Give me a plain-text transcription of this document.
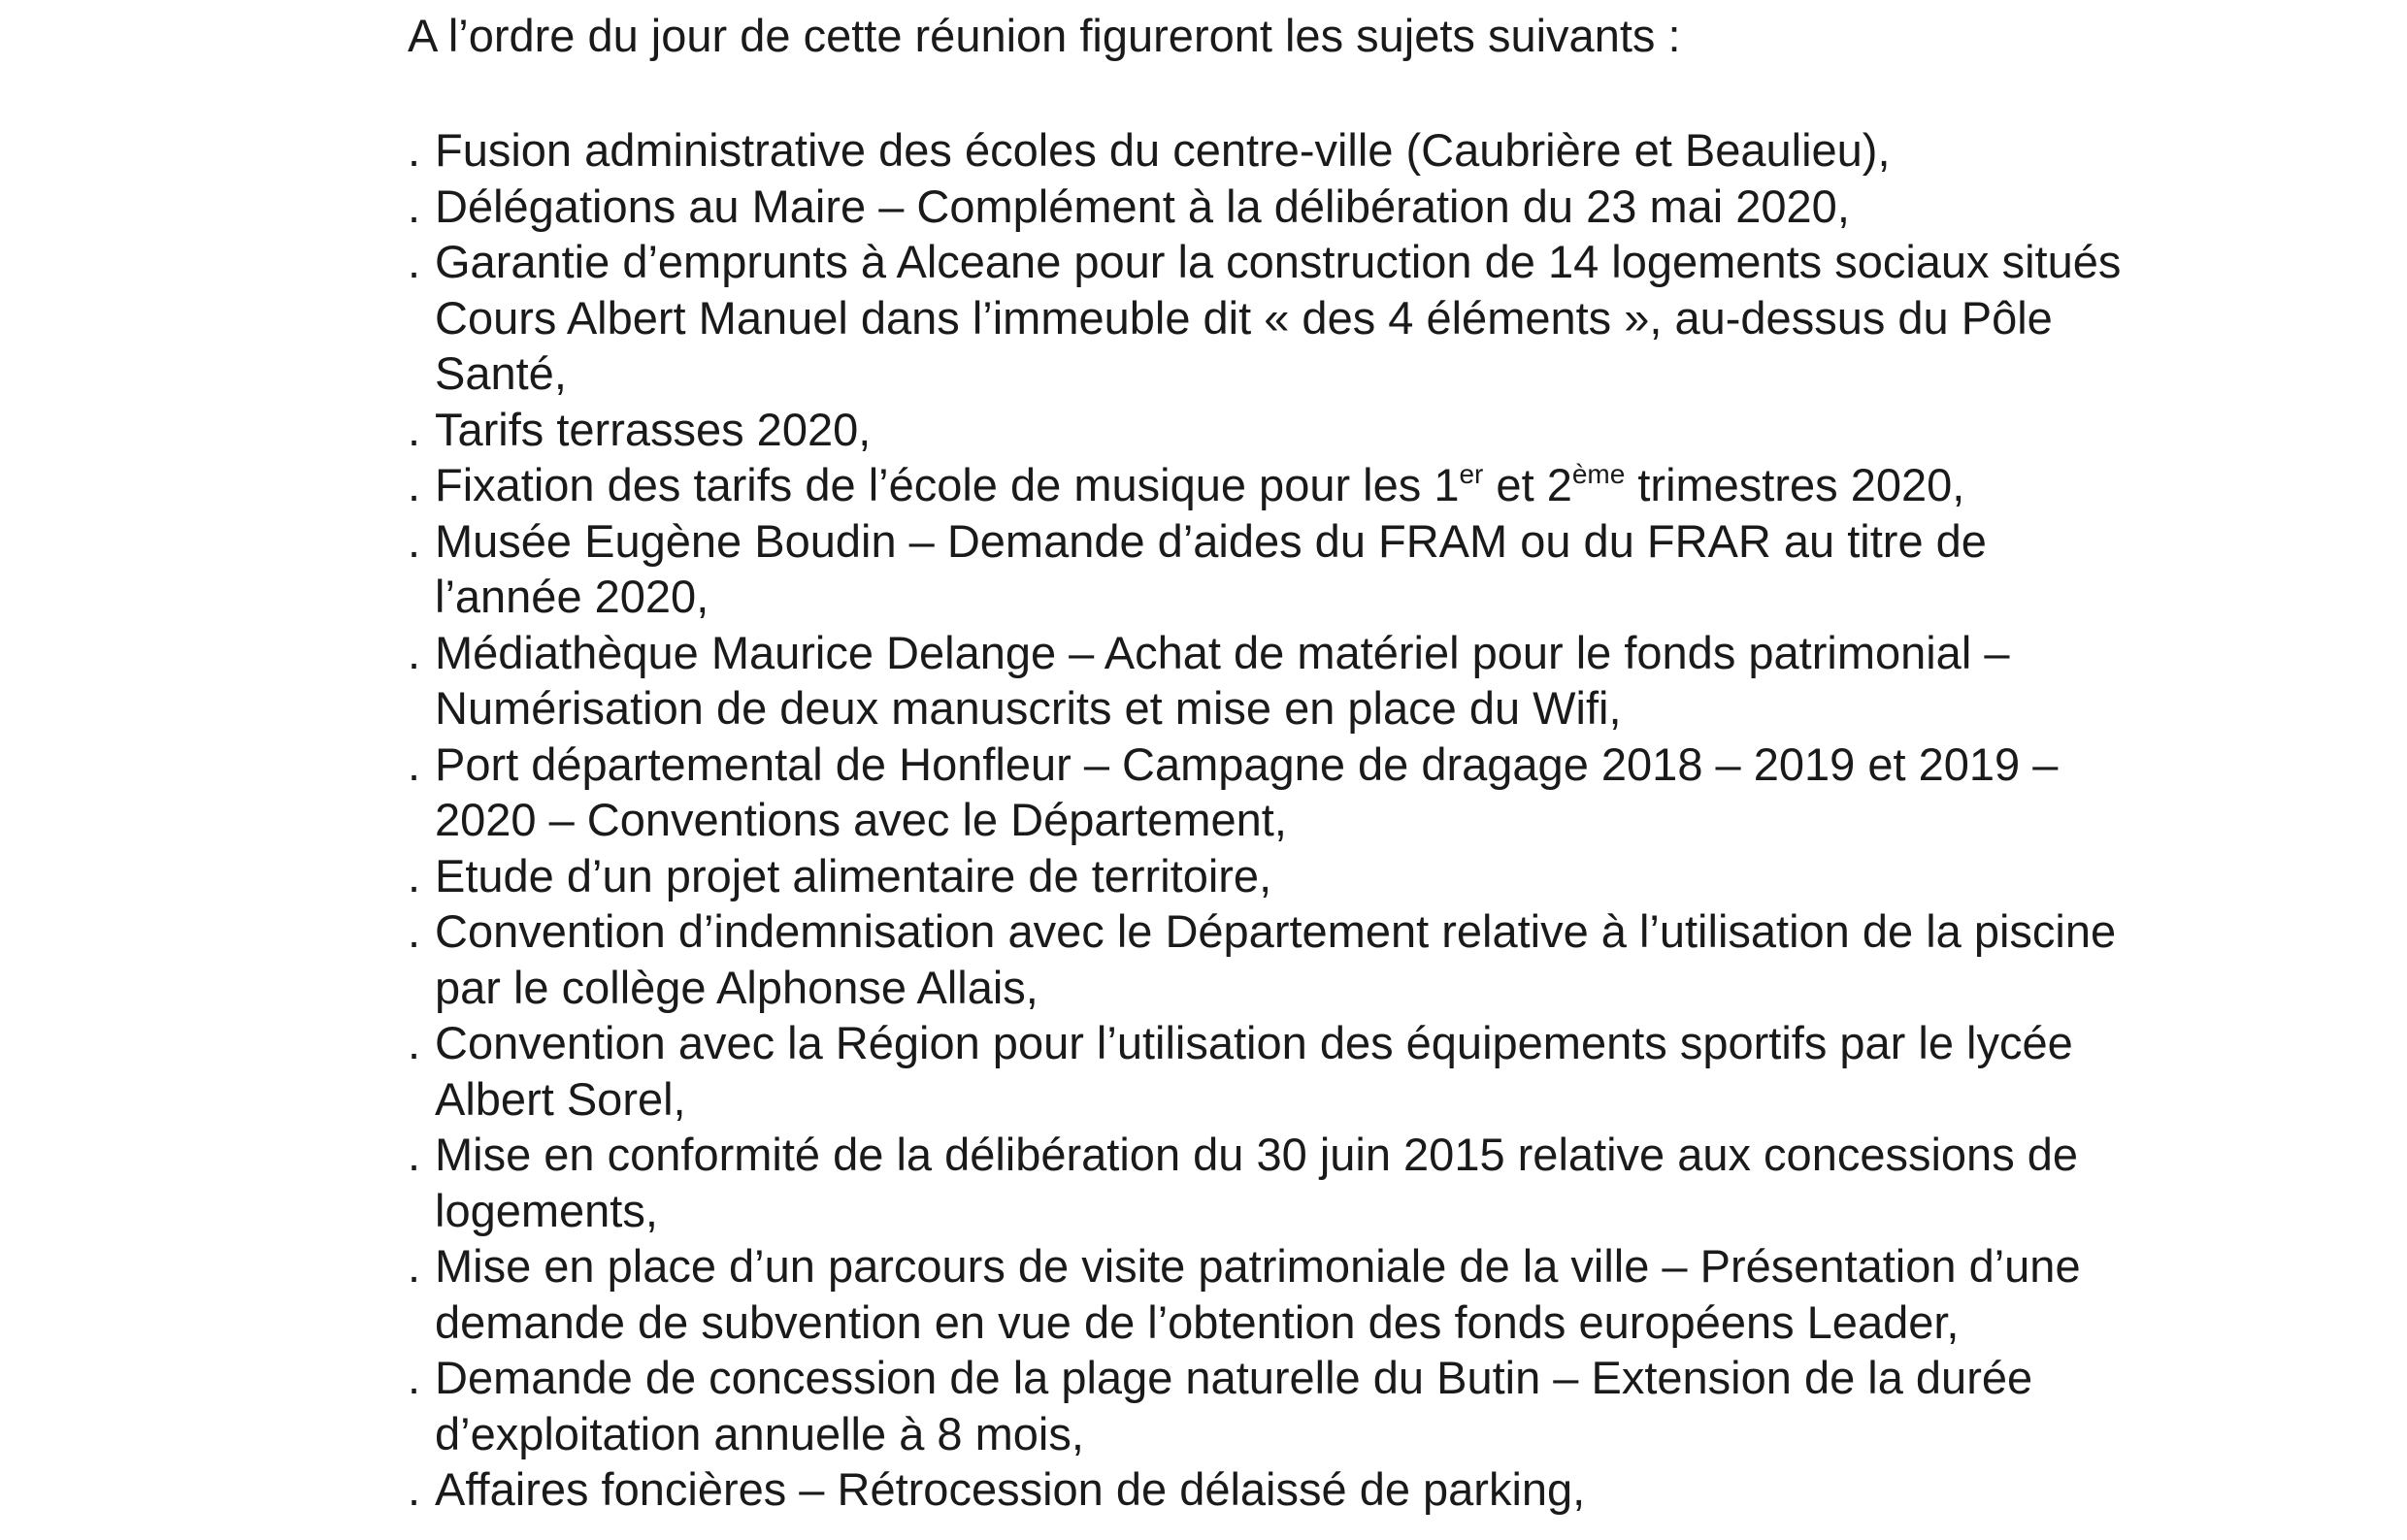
A l’ordre du jour de cette réunion figureront les sujets suivants :

. Fusion administrative des écoles du centre-ville (Caubrière et Beaulieu),
. Délégations au Maire – Complément à la délibération du 23 mai 2020,
. Garantie d’emprunts à Alceane pour la construction de 14 logements sociaux situés
Cours Albert Manuel dans l’immeuble dit « des 4 éléments », au-dessus du Pôle
Santé,
. Tarifs terrasses 2020,
. Fixation des tarifs de l’école de musique pour les 1er et 2ème trimestres 2020,
. Musée Eugène Boudin – Demande d’aides du FRAM ou du FRAR au titre de
l’année 2020,
. Médiathèque Maurice Delange – Achat de matériel pour le fonds patrimonial –
Numérisation de deux manuscrits et mise en place du Wifi,
. Port départemental de Honfleur – Campagne de dragage 2018 – 2019 et 2019 –
2020 – Conventions avec le Département,
. Etude d’un projet alimentaire de territoire,
. Convention d’indemnisation avec le Département relative à l’utilisation de la piscine
par le collège Alphonse Allais,
. Convention avec la Région pour l’utilisation des équipements sportifs par le lycée
Albert Sorel,
. Mise en conformité de la délibération du 30 juin 2015 relative aux concessions de
logements,
. Mise en place d’un parcours de visite patrimoniale de la ville – Présentation d’une
demande de subvention en vue de l’obtention des fonds européens Leader,
. Demande de concession de la plage naturelle du Butin – Extension de la durée
d’exploitation annuelle à 8 mois,
. Affaires foncières – Rétrocession de délaissé de parking,
